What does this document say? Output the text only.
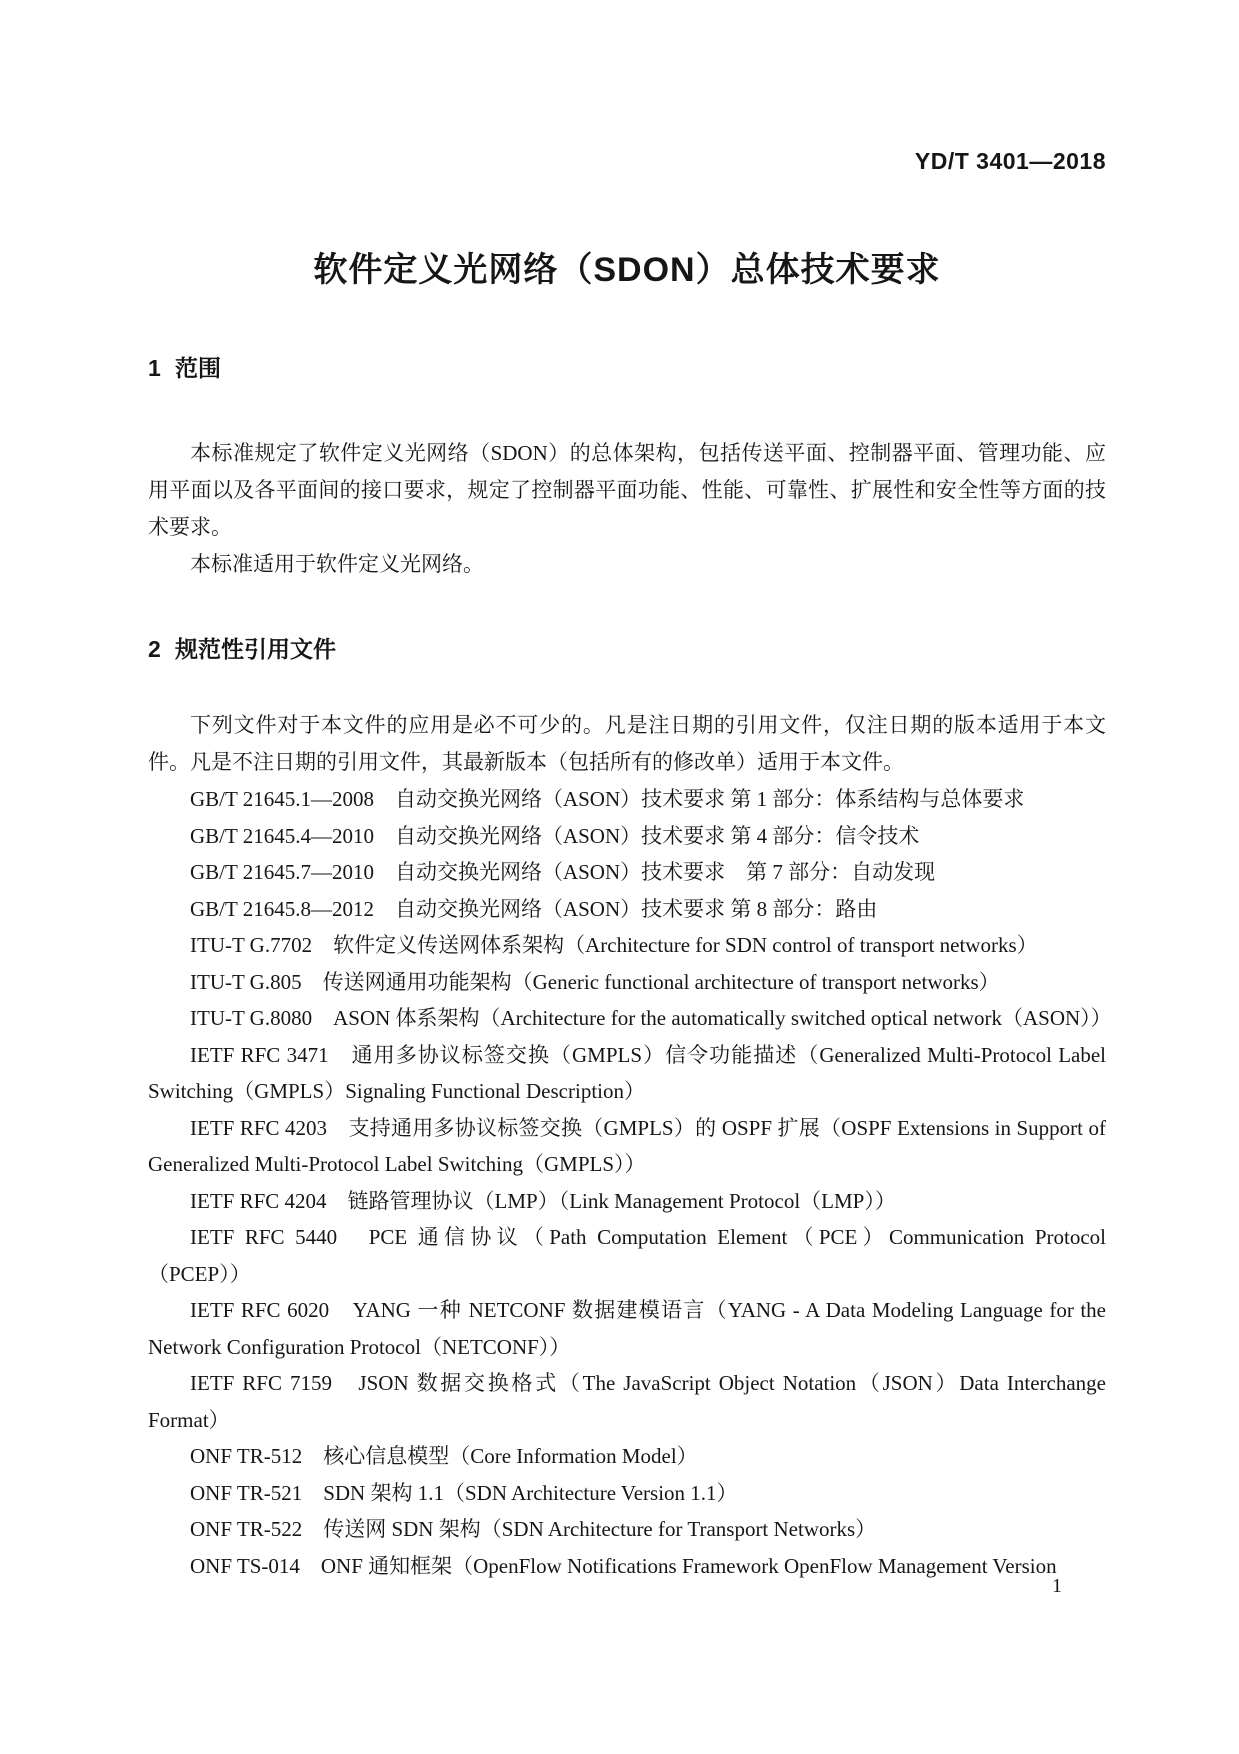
YD/T 3401—2018
软件定义光网络（SDON）总体技术要求
1 范围

本标准规定了软件定义光网络（SDON）的总体架构，包括传送平面、控制器平面、管理功能、应用平面以及各平面间的接口要求，规定了控制器平面功能、性能、可靠性、扩展性和安全性等方面的技术要求。

本标准适用于软件定义光网络。

2 规范性引用文件

下列文件对于本文件的应用是必不可少的。凡是注日期的引用文件，仅注日期的版本适用于本文件。凡是不注日期的引用文件，其最新版本（包括所有的修改单）适用于本文件。

GB/T 21645.1—2008　自动交换光网络（ASON）技术要求 第 1 部分：体系结构与总体要求

GB/T 21645.4—2010　自动交换光网络（ASON）技术要求 第 4 部分：信令技术

GB/T 21645.7—2010　自动交换光网络（ASON）技术要求　第 7 部分：自动发现

GB/T 21645.8—2012　自动交换光网络（ASON）技术要求 第 8 部分：路由

ITU-T G.7702　软件定义传送网体系架构（Architecture for SDN control of transport networks）

ITU-T G.805　传送网通用功能架构（Generic functional architecture of transport networks）

ITU-T G.8080　ASON 体系架构（Architecture for the automatically switched optical network（ASON））

IETF RFC 3471　通用多协议标签交换（GMPLS）信令功能描述（Generalized Multi-Protocol Label Switching（GMPLS）Signaling Functional Description）

IETF RFC 4203　支持通用多协议标签交换（GMPLS）的 OSPF 扩展（OSPF Extensions in Support of Generalized Multi-Protocol Label Switching（GMPLS））

IETF RFC 4204　链路管理协议（LMP）（Link Management Protocol（LMP））

IETF RFC 5440　PCE 通信协议（Path Computation Element（PCE）Communication Protocol（PCEP））

IETF RFC 6020　YANG 一种 NETCONF 数据建模语言（YANG - A Data Modeling Language for the Network Configuration Protocol（NETCONF））

IETF RFC 7159　JSON 数据交换格式（The JavaScript Object Notation（JSON）Data Interchange Format）

ONF TR-512　核心信息模型（Core Information Model）

ONF TR-521　SDN 架构 1.1（SDN Architecture Version 1.1）

ONF TR-522　传送网 SDN 架构（SDN Architecture for Transport Networks）

ONF TS-014　ONF 通知框架（OpenFlow Notifications Framework OpenFlow Management Version

1
